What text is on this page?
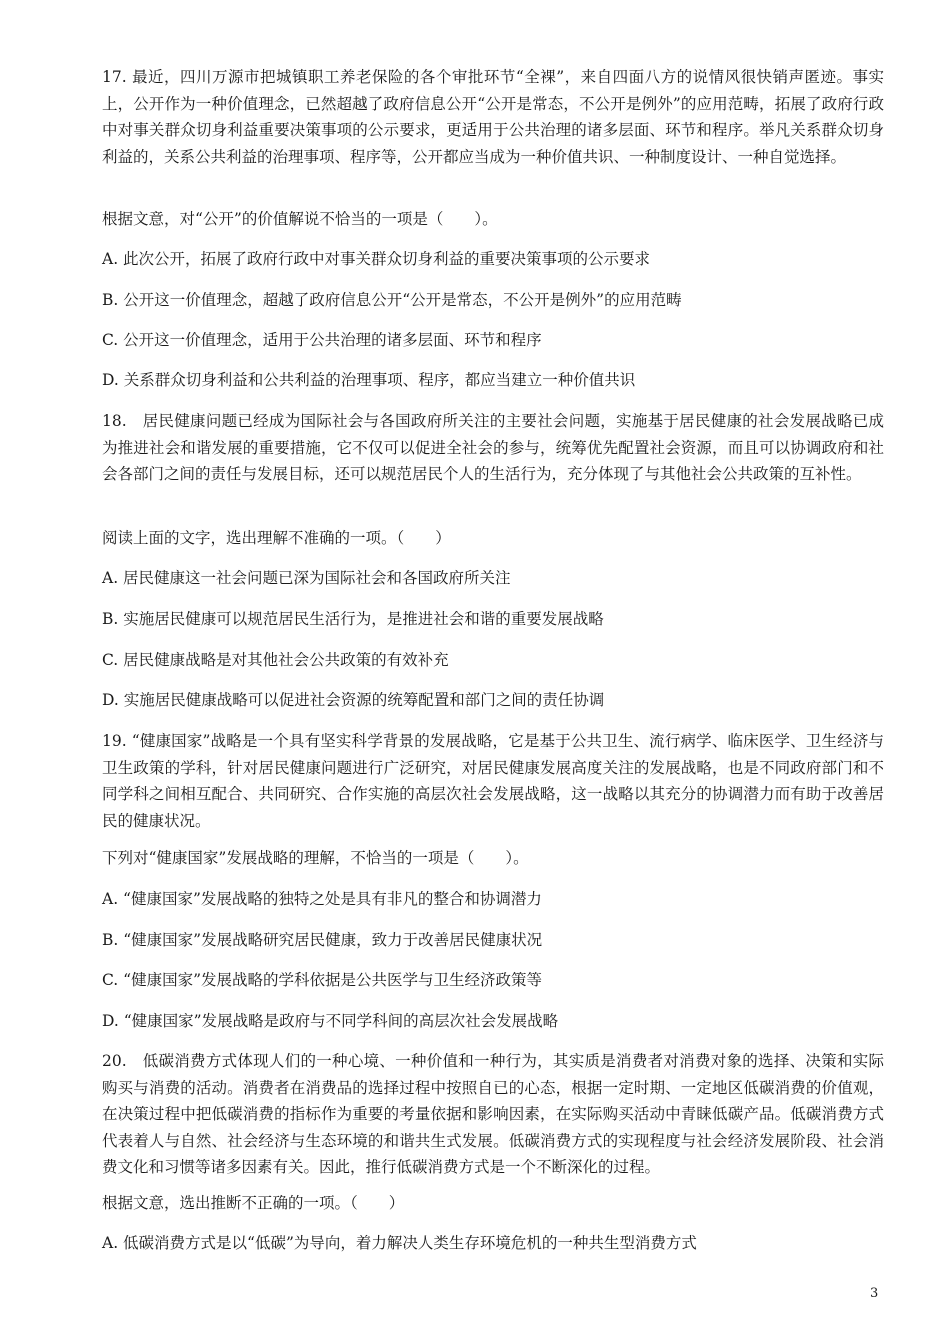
17. 最近，四川万源市把城镇职工养老保险的各个审批环节“全裸”，来自四面八方的说情风很快销声匿迹。事实上，公开作为一种价值理念，已然超越了政府信息公开“公开是常态，不公开是例外”的应用范畴，拓展了政府行政中对事关群众切身利益重要决策事项的公示要求，更适用于公共治理的诸多层面、环节和程序。举凡关系群众切身利益的，关系公共利益的治理事项、程序等，公开都应当成为一种价值共识、一种制度设计、一种自觉选择。

根据文意，对“公开”的价值解说不恰当的一项是（　　）。

A. 此次公开，拓展了政府行政中对事关群众切身利益的重要决策事项的公示要求

B. 公开这一价值理念，超越了政府信息公开“公开是常态，不公开是例外”的应用范畴

C. 公开这一价值理念，适用于公共治理的诸多层面、环节和程序

D. 关系群众切身利益和公共利益的治理事项、程序，都应当建立一种价值共识

18.　居民健康问题已经成为国际社会与各国政府所关注的主要社会问题，实施基于居民健康的社会发展战略已成为推进社会和谐发展的重要措施，它不仅可以促进全社会的参与，统筹优先配置社会资源，而且可以协调政府和社会各部门之间的责任与发展目标，还可以规范居民个人的生活行为，充分体现了与其他社会公共政策的互补性。

阅读上面的文字，选出理解不准确的一项。（　　）

A. 居民健康这一社会问题已深为国际社会和各国政府所关注

B. 实施居民健康可以规范居民生活行为，是推进社会和谐的重要发展战略

C. 居民健康战略是对其他社会公共政策的有效补充

D. 实施居民健康战略可以促进社会资源的统筹配置和部门之间的责任协调

19. “健康国家”战略是一个具有坚实科学背景的发展战略，它是基于公共卫生、流行病学、临床医学、卫生经济与卫生政策的学科，针对居民健康问题进行广泛研究，对居民健康发展高度关注的发展战略，也是不同政府部门和不同学科之间相互配合、共同研究、合作实施的高层次社会发展战略，这一战略以其充分的协调潜力而有助于改善居民的健康状况。

下列对“健康国家”发展战略的理解，不恰当的一项是（　　）。

A. “健康国家”发展战略的独特之处是具有非凡的整合和协调潜力

B. “健康国家”发展战略研究居民健康，致力于改善居民健康状况

C. “健康国家”发展战略的学科依据是公共医学与卫生经济政策等

D. “健康国家”发展战略是政府与不同学科间的高层次社会发展战略

20.　低碳消费方式体现人们的一种心境、一种价值和一种行为，其实质是消费者对消费对象的选择、决策和实际购买与消费的活动。消费者在消费品的选择过程中按照自已的心态，根据一定时期、一定地区低碳消费的价值观，在决策过程中把低碳消费的指标作为重要的考量依据和影响因素，在实际购买活动中青睐低碳产品。低碳消费方式代表着人与自然、社会经济与生态环境的和谐共生式发展。低碳消费方式的实现程度与社会经济发展阶段、社会消费文化和习惯等诸多因素有关。因此，推行低碳消费方式是一个不断深化的过程。

根据文意，选出推断不正确的一项。（　　）

A. 低碳消费方式是以“低碳”为导向，着力解决人类生存环境危机的一种共生型消费方式

3
